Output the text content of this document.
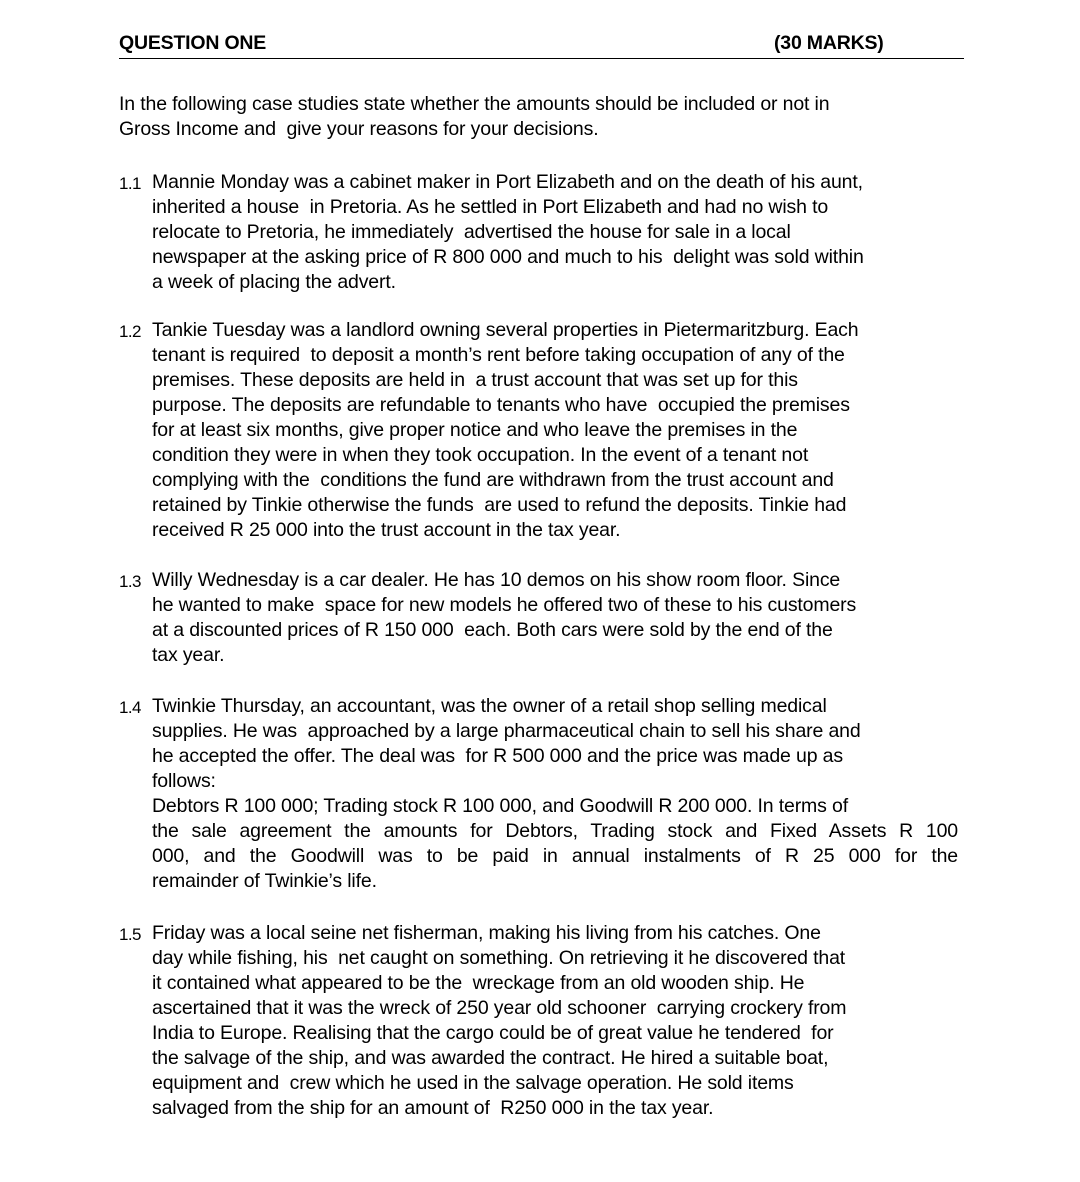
QUESTION ONE	(30 MARKS)
In the following case studies state whether the amounts should be included or not in
Gross Income and  give your reasons for your decisions.
1.1 Mannie Monday was a cabinet maker in Port Elizabeth and on the death of his aunt,
inherited a house  in Pretoria. As he settled in Port Elizabeth and had no wish to
relocate to Pretoria, he immediately  advertised the house for sale in a local
newspaper at the asking price of R 800 000 and much to his  delight was sold within
a week of placing the advert.
1.2 Tankie Tuesday was a landlord owning several properties in Pietermaritzburg. Each
tenant is required  to deposit a month’s rent before taking occupation of any of the
premises. These deposits are held in  a trust account that was set up for this
purpose. The deposits are refundable to tenants who have  occupied the premises
for at least six months, give proper notice and who leave the premises in the
condition they were in when they took occupation. In the event of a tenant not
complying with the  conditions the fund are withdrawn from the trust account and
retained by Tinkie otherwise the funds  are used to refund the deposits. Tinkie had
received R 25 000 into the trust account in the tax year.
1.3 Willy Wednesday is a car dealer. He has 10 demos on his show room floor. Since
he wanted to make  space for new models he offered two of these to his customers
at a discounted prices of R 150 000  each. Both cars were sold by the end of the
tax year.
1.4 Twinkie Thursday, an accountant, was the owner of a retail shop selling medical
supplies. He was  approached by a large pharmaceutical chain to sell his share and
he accepted the offer. The deal was  for R 500 000 and the price was made up as
follows:
Debtors R 100 000; Trading stock R 100 000, and Goodwill R 200 000. In terms of
the sale agreement the amounts for Debtors, Trading stock and Fixed Assets R 100
000, and the Goodwill was to be paid in annual instalments of R 25 000 for the
remainder of Twinkie’s life.
1.5 Friday was a local seine net fisherman, making his living from his catches. One
day while fishing, his  net caught on something. On retrieving it he discovered that
it contained what appeared to be the  wreckage from an old wooden ship. He
ascertained that it was the wreck of 250 year old schooner  carrying crockery from
India to Europe. Realising that the cargo could be of great value he tendered  for
the salvage of the ship, and was awarded the contract. He hired a suitable boat,
equipment and  crew which he used in the salvage operation. He sold items
salvaged from the ship for an amount of  R250 000 in the tax year.
